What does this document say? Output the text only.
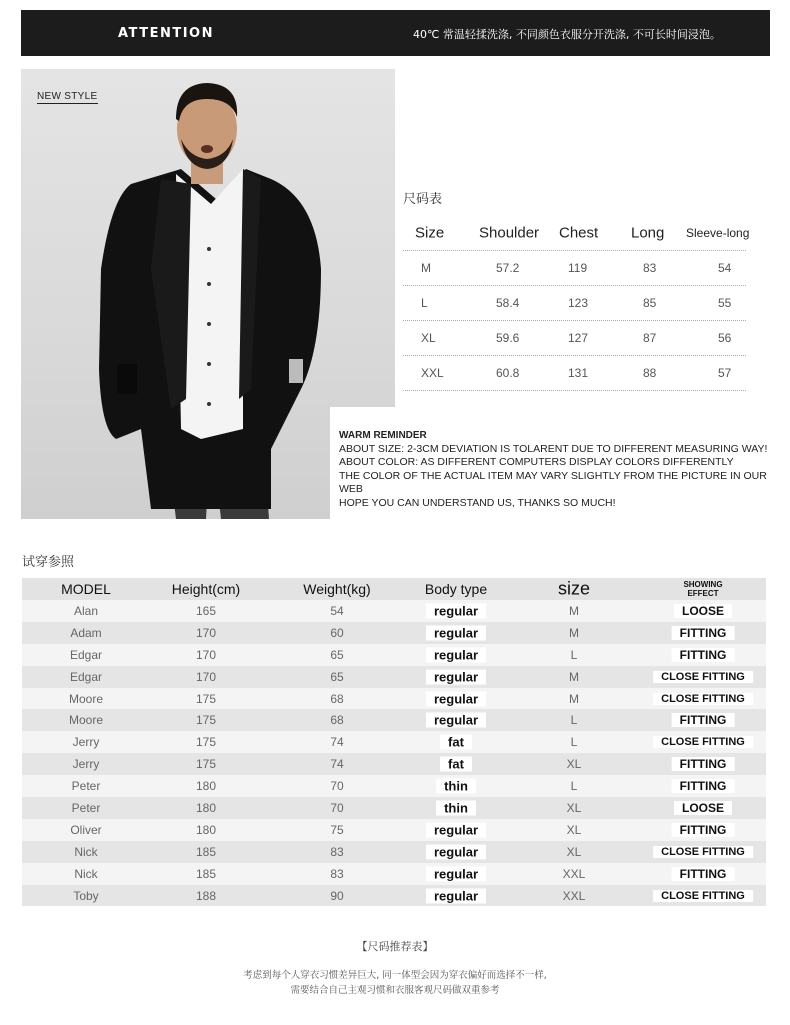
ATTENTION	40℃ 常温轻揉洗涤, 不同颜色衣服分开洗涤, 不可长时间浸泡。
NEW STYLE
尺码表
Size Shoulder Chest Long Sleeve-long
M	57.2	119	83	54
L	58.4	123	85	55
XL	59.6	127	87	56
XXL	60.8	131	88	57
WARM REMINDER
ABOUT SIZE: 2-3CM DEVIATION IS TOLARENT DUE TO DIFFERENT MEASURING WAY!
ABOUT COLOR: AS DIFFERENT COMPUTERS DISPLAY COLORS DIFFERENTLY
THE COLOR OF THE ACTUAL ITEM MAY VARY SLIGHTLY FROM THE PICTURE IN OUR WEB
HOPE YOU CAN UNDERSTAND US, THANKS SO MUCH!
试穿参照
MODEL	Height(cm)	Weight(kg)	Body type	size	SHOWING EFFECT
Alan	165	54	regular	M	LOOSE
Adam	170	60	regular	M	FITTING
Edgar	170	65	regular	L	FITTING
Edgar	170	65	regular	M	CLOSE FITTING
Moore	175	68	regular	M	CLOSE FITTING
Moore	175	68	regular	L	FITTING
Jerry	175	74	fat	L	CLOSE FITTING
Jerry	175	74	fat	XL	FITTING
Peter	180	70	thin	L	FITTING
Peter	180	70	thin	XL	LOOSE
Oliver	180	75	regular	XL	FITTING
Nick	185	83	regular	XL	CLOSE FITTING
Nick	185	83	regular	XXL	FITTING
Toby	188	90	regular	XXL	CLOSE FITTING
【尺码推荐表】
考虑到每个人穿衣习惯差异巨大, 同一体型会因为穿衣偏好而选择不一样,
需要结合自己主观习惯和衣服客观尺码做双重参考
